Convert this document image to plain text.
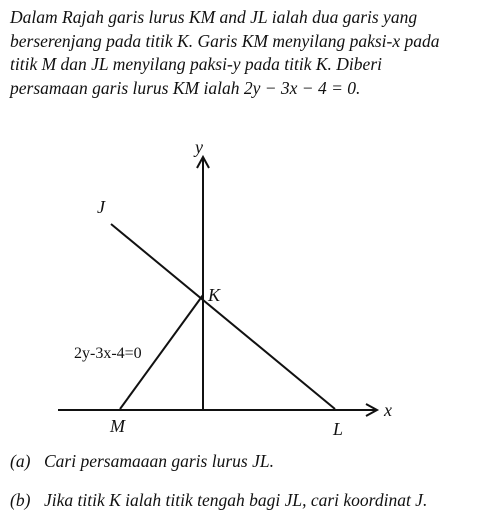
Dalam Rajah garis lurus KM and JL ialah dua garis yang
berserenjang pada titik K. Garis KM menyilang paksi-x pada
titik M dan JL menyilang paksi-y pada titik K. Diberi
persamaan garis lurus KM ialah 2y − 3x − 4 = 0.
x
y
J
K
M	L
2y-3x-4=0
(a) Cari persamaaan garis lurus JL.
(b) Jika titik K ialah titik tengah bagi JL, cari koordinat J.
